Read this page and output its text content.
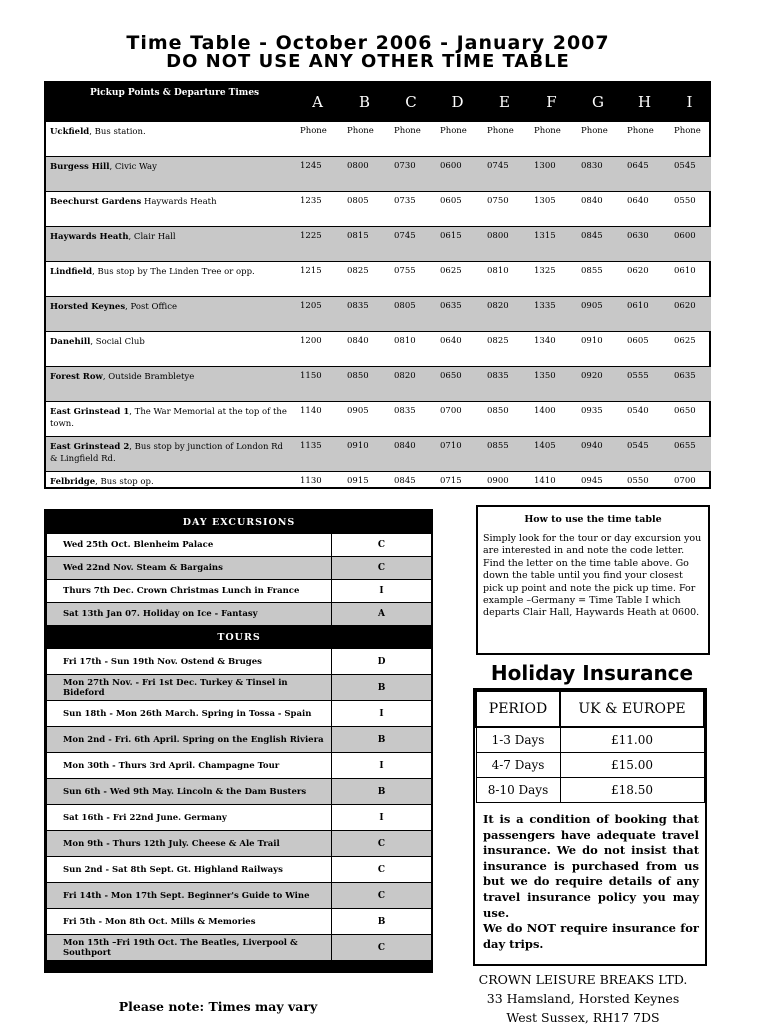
Time Table - October 2006 - January 2007
DO NOT USE ANY OTHER TIME TABLE
Pickup Points & Departure Times	A	B	C	D	E	F	G	H	I
Uckfield, Bus station.	Phone	Phone	Phone	Phone	Phone	Phone	Phone	Phone	Phone
Burgess Hill, Civic Way	1245	0800	0730	0600	0745	1300	0830	0645	0545
Beechurst Gardens Haywards Heath	1235	0805	0735	0605	0750	1305	0840	0640	0550
Haywards Heath, Clair Hall	1225	0815	0745	0615	0800	1315	0845	0630	0600
Lindfield, Bus stop by The Linden Tree or opp.	1215	0825	0755	0625	0810	1325	0855	0620	0610
Horsted Keynes, Post Office	1205	0835	0805	0635	0820	1335	0905	0610	0620
Danehill, Social Club	1200	0840	0810	0640	0825	1340	0910	0605	0625
Forest Row, Outside Brambletye	1150	0850	0820	0650	0835	1350	0920	0555	0635
East Grinstead 1, The War Memorial at the top of the town.	1140	0905	0835	0700	0850	1400	0935	0540	0650
East Grinstead 2, Bus stop by junction of London Rd & Lingfield Rd.	1135	0910	0840	0710	0855	1405	0940	0545	0655
Felbridge, Bus stop op.	1130	0915	0845	0715	0900	1410	0945	0550	0700
DAY EXCURSIONS	
Wed 25th Oct. Blenheim Palace	C
Wed 22nd Nov. Steam & Bargains	C
Thurs 7th Dec. Crown Christmas Lunch in France	I
Sat 13th Jan 07. Holiday on Ice - Fantasy	A
TOURS	
Fri 17th - Sun 19th Nov. Ostend & Bruges	D
Mon 27th Nov. - Fri 1st Dec. Turkey & Tinsel in Bideford	B
Sun 18th - Mon 26th March. Spring in Tossa - Spain	I
Mon 2nd - Fri. 6th April. Spring on the English Riviera	B
Mon 30th - Thurs 3rd April. Champagne Tour	I
Sun 6th - Wed 9th May. Lincoln & the Dam Busters	B
Sat 16th - Fri 22nd June. Germany	I
Mon 9th - Thurs 12th July. Cheese & Ale Trail	C
Sun 2nd - Sat 8th Sept. Gt. Highland Railways	C
Fri 14th - Mon 17th Sept. Beginner's Guide to Wine	C
Fri 5th - Mon 8th Oct. Mills & Memories	B
Mon 15th –Fri 19th Oct. The Beatles, Liverpool & Southport	C
How to use the time table
Simply look for the tour or day excursion you are interested in and note the code letter. Find the letter on the time table above. Go down the table until you find your closest pick up point and note the pick up time. For example –Germany = Time Table I which departs Clair Hall, Haywards Heath at 0600.
Holiday Insurance
PERIOD	UK & EUROPE
1-3 Days	£11.00
4-7 Days	£15.00
8-10 Days	£18.50
It is a condition of booking that passengers have adequate travel insurance. We do not insist that insurance is purchased from us but we do require details of any travel insurance policy you may use.
We do NOT require insurance for day trips.
CROWN LEISURE BREAKS LTD.
33 Hamsland, Horsted Keynes
West Sussex, RH17 7DS
Please note: Times may vary
